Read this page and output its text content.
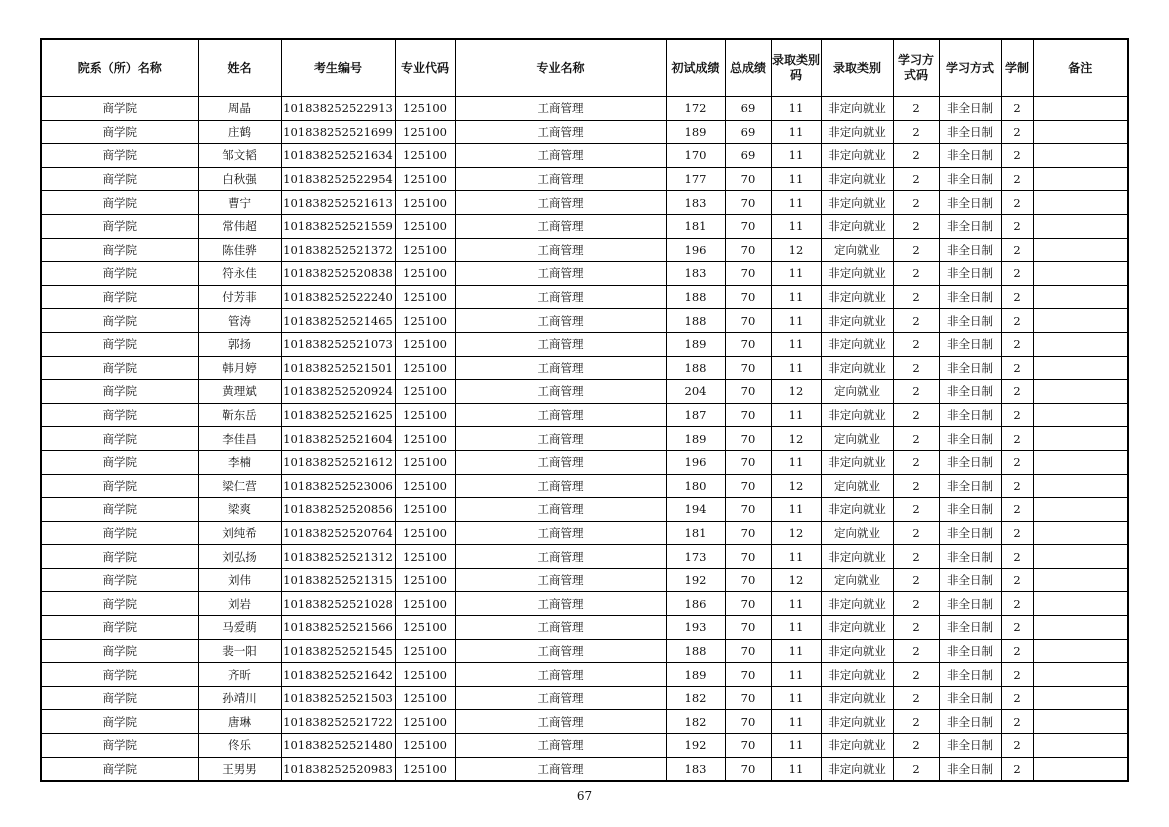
院系（所）名称	姓名	考生编号	专业代码	专业名称	初试成绩	总成绩	录取类别码	录取类别	学习方式码	学习方式	学制	备注
商学院	周晶	101838252522913	125100	工商管理	172	69	11	非定向就业	2	非全日制	2	
商学院	庄鹤	101838252521699	125100	工商管理	189	69	11	非定向就业	2	非全日制	2	
商学院	邹文韬	101838252521634	125100	工商管理	170	69	11	非定向就业	2	非全日制	2	
商学院	白秋强	101838252522954	125100	工商管理	177	70	11	非定向就业	2	非全日制	2	
商学院	曹宁	101838252521613	125100	工商管理	183	70	11	非定向就业	2	非全日制	2	
商学院	常伟超	101838252521559	125100	工商管理	181	70	11	非定向就业	2	非全日制	2	
商学院	陈佳骅	101838252521372	125100	工商管理	196	70	12	定向就业	2	非全日制	2	
商学院	符永佳	101838252520838	125100	工商管理	183	70	11	非定向就业	2	非全日制	2	
商学院	付芳菲	101838252522240	125100	工商管理	188	70	11	非定向就业	2	非全日制	2	
商学院	管涛	101838252521465	125100	工商管理	188	70	11	非定向就业	2	非全日制	2	
商学院	郭扬	101838252521073	125100	工商管理	189	70	11	非定向就业	2	非全日制	2	
商学院	韩月婷	101838252521501	125100	工商管理	188	70	11	非定向就业	2	非全日制	2	
商学院	黄理斌	101838252520924	125100	工商管理	204	70	12	定向就业	2	非全日制	2	
商学院	靳东岳	101838252521625	125100	工商管理	187	70	11	非定向就业	2	非全日制	2	
商学院	李佳昌	101838252521604	125100	工商管理	189	70	12	定向就业	2	非全日制	2	
商学院	李楠	101838252521612	125100	工商管理	196	70	11	非定向就业	2	非全日制	2	
商学院	梁仁营	101838252523006	125100	工商管理	180	70	12	定向就业	2	非全日制	2	
商学院	梁爽	101838252520856	125100	工商管理	194	70	11	非定向就业	2	非全日制	2	
商学院	刘纯希	101838252520764	125100	工商管理	181	70	12	定向就业	2	非全日制	2	
商学院	刘弘扬	101838252521312	125100	工商管理	173	70	11	非定向就业	2	非全日制	2	
商学院	刘伟	101838252521315	125100	工商管理	192	70	12	定向就业	2	非全日制	2	
商学院	刘岩	101838252521028	125100	工商管理	186	70	11	非定向就业	2	非全日制	2	
商学院	马爱萌	101838252521566	125100	工商管理	193	70	11	非定向就业	2	非全日制	2	
商学院	裴一阳	101838252521545	125100	工商管理	188	70	11	非定向就业	2	非全日制	2	
商学院	齐昕	101838252521642	125100	工商管理	189	70	11	非定向就业	2	非全日制	2	
商学院	孙靖川	101838252521503	125100	工商管理	182	70	11	非定向就业	2	非全日制	2	
商学院	唐琳	101838252521722	125100	工商管理	182	70	11	非定向就业	2	非全日制	2	
商学院	佟乐	101838252521480	125100	工商管理	192	70	11	非定向就业	2	非全日制	2	
商学院	王男男	101838252520983	125100	工商管理	183	70	11	非定向就业	2	非全日制	2	
67
